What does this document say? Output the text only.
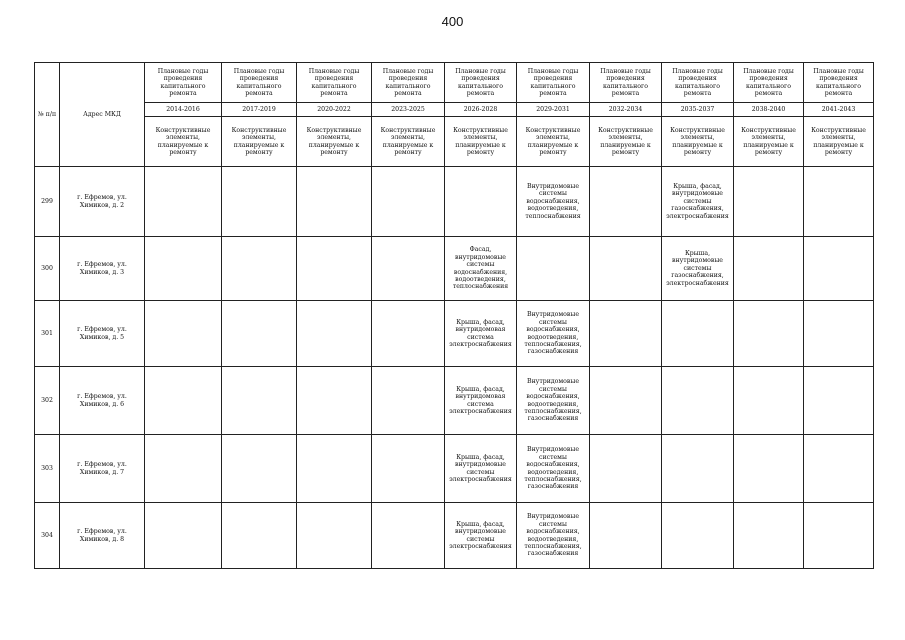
400
№ п/п	Адрес МКД	Плановые годы проведения капитального ремонта	Плановые годы проведения капитального ремонта	Плановые годы проведения капитального ремонта	Плановые годы проведения капитального ремонта	Плановые годы проведения капитального ремонта	Плановые годы проведения капитального ремонта	Плановые годы проведения капитального ремонта	Плановые годы проведения капитального ремонта	Плановые годы проведения капитального ремонта	Плановые годы проведения капитального ремонта
		2014-2016	2017-2019	2020-2022	2023-2025	2026-2028	2029-2031	2032-2034	2035-2037	2038-2040	2041-2043
		Конструктивные элементы, планируемые к ремонту	Конструктивные элементы, планируемые к ремонту	Конструктивные элементы, планируемые к ремонту	Конструктивные элементы, планируемые к ремонту	Конструктивные элементы, планируемые к ремонту	Конструктивные элементы, планируемые к ремонту	Конструктивные элементы, планируемые к ремонту	Конструктивные элементы, планируемые к ремонту	Конструктивные элементы, планируемые к ремонту	Конструктивные элементы, планируемые к ремонту
299	г. Ефремов, ул. Химиков, д. 2						Внутридомовые системы водоснабжения, водоотведения, теплоснабжения		Крыша, фасад, внутридомовые системы газоснабжения, электроснабжения		
300	г. Ефремов, ул. Химиков, д. 3					Фасад, внутридомовые системы водоснабжения, водоотведения, теплоснабжения			Крыша, внутридомовые системы газоснабжения, электроснабжения		
301	г. Ефремов, ул. Химиков, д. 5					Крыша, фасад, внутридомовая система электроснабжения	Внутридомовые системы водоснабжения, водоотведения, теплоснабжения, газоснабжения				
302	г. Ефремов, ул. Химиков, д. 6					Крыша, фасад, внутридомовая система электроснабжения	Внутридомовые системы водоснабжения, водоотведения, теплоснабжения, газоснабжения				
303	г. Ефремов, ул. Химиков, д. 7					Крыша, фасад, внутридомовые системы электроснабжения	Внутридомовые системы водоснабжения, водоотведения, теплоснабжения, газоснабжения				
304	г. Ефремов, ул. Химиков, д. 8					Крыша, фасад, внутридомовые системы электроснабжения	Внутридомовые системы водоснабжения, водоотведения, теплоснабжения, газоснабжения				
